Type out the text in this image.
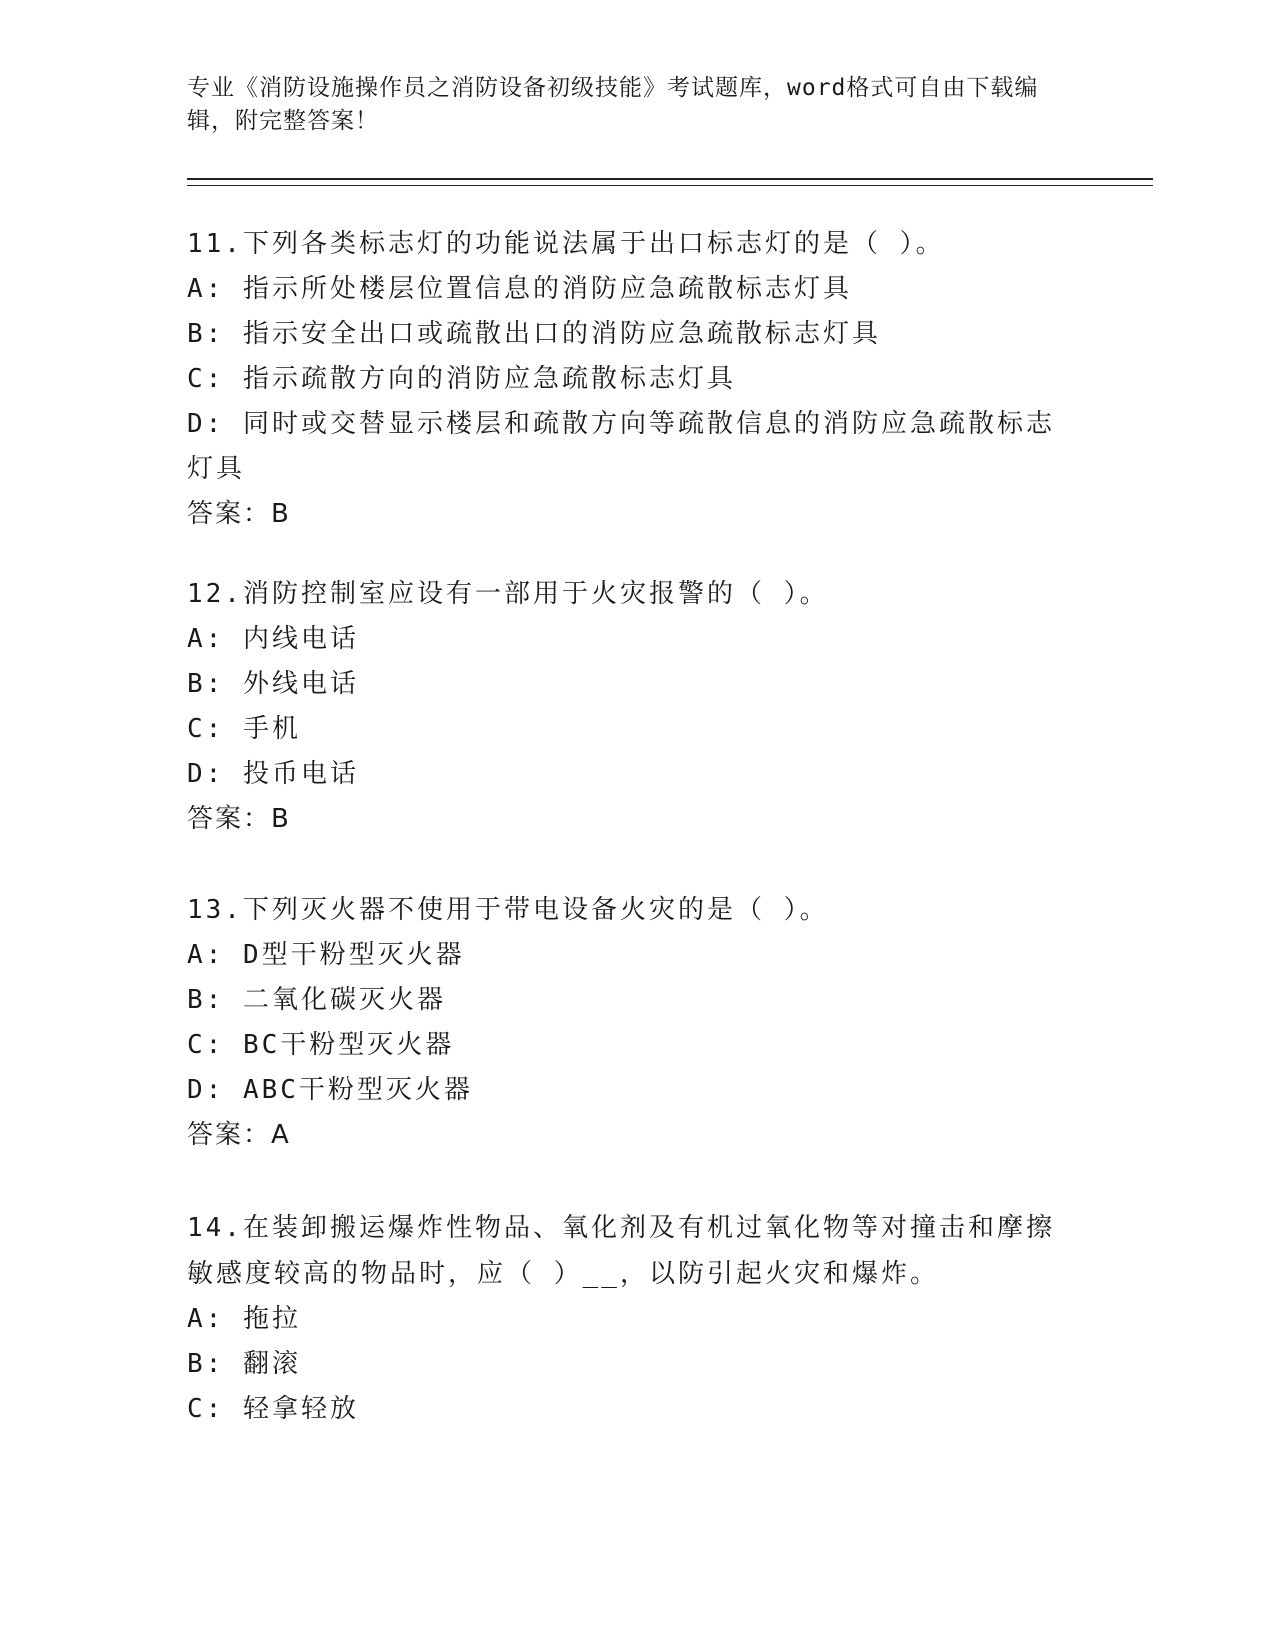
专业《消防设施操作员之消防设备初级技能》考试题库，word格式可自由下载编辑，附完整答案！

11.下列各类标志灯的功能说法属于出口标志灯的是（ ）。

A: 指示所处楼层位置信息的消防应急疏散标志灯具

B: 指示安全出口或疏散出口的消防应急疏散标志灯具

C: 指示疏散方向的消防应急疏散标志灯具

D: 同时或交替显示楼层和疏散方向等疏散信息的消防应急疏散标志灯具

答案：B

12.消防控制室应设有一部用于火灾报警的（ ）。

A: 内线电话

B: 外线电话

C: 手机

D: 投币电话

答案：B

13.下列灭火器不使用于带电设备火灾的是（ ）。

A: D型干粉型灭火器

B: 二氧化碳灭火器

C: BC干粉型灭火器

D: ABC干粉型灭火器

答案：A

14.在装卸搬运爆炸性物品、氧化剂及有机过氧化物等对撞击和摩擦敏感度较高的物品时，应（ ）__，以防引起火灾和爆炸。

A: 拖拉

B: 翻滚

C: 轻拿轻放
